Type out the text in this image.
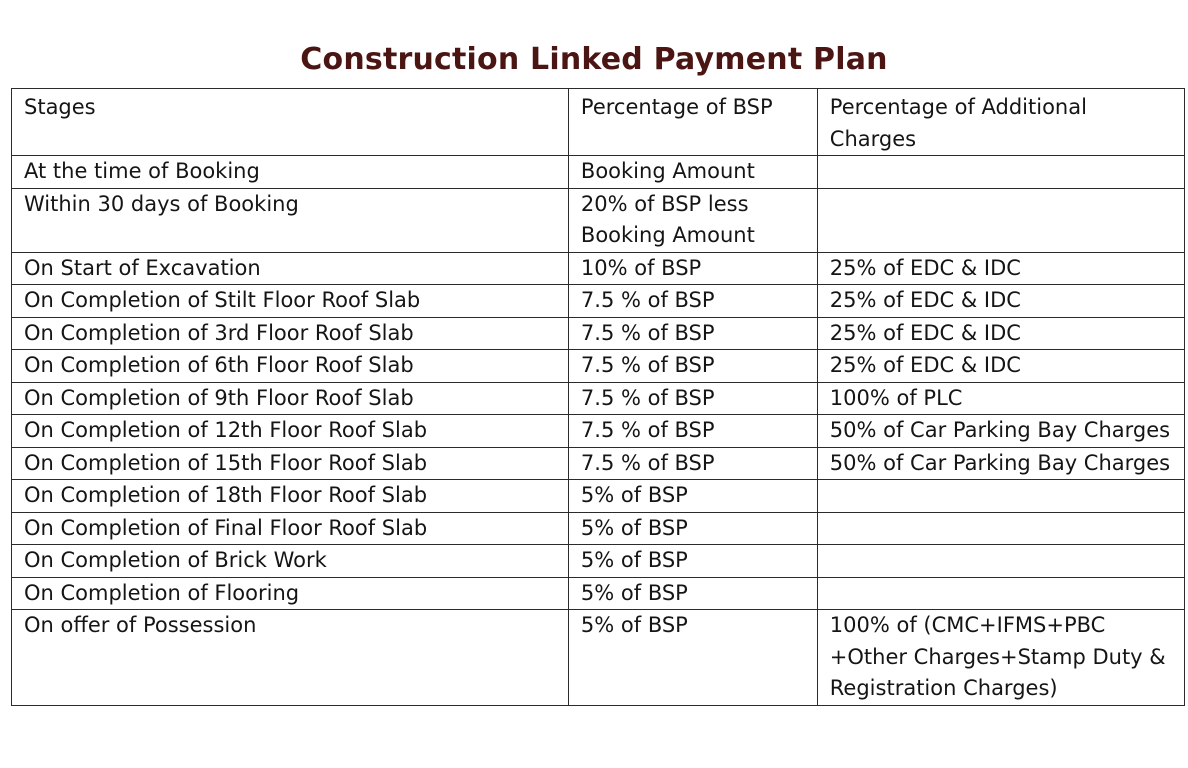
Construction Linked Payment Plan
Stages	Percentage of BSP	Percentage of Additional Charges
At the time of Booking	Booking Amount	
Within 30 days of Booking	20% of BSP less Booking Amount	
On Start of Excavation	10% of BSP	25% of EDC & IDC
On Completion of Stilt Floor Roof Slab	7.5 % of BSP	25% of EDC & IDC
On Completion of 3rd Floor Roof Slab	7.5 % of BSP	25% of EDC & IDC
On Completion of 6th Floor Roof Slab	7.5 % of BSP	25% of EDC & IDC
On Completion of 9th Floor Roof Slab	7.5 % of BSP	100% of PLC
On Completion of 12th Floor Roof Slab	7.5 % of BSP	50% of Car Parking Bay Charges
On Completion of 15th Floor Roof Slab	7.5 % of BSP	50% of Car Parking Bay Charges
On Completion of 18th Floor Roof Slab	5% of BSP	
On Completion of Final Floor Roof Slab	5% of BSP	
On Completion of Brick Work	5% of BSP	
On Completion of Flooring	5% of BSP	
On offer of Possession	5% of BSP	100% of (CMC+IFMS+PBC +Other Charges+Stamp Duty & Registration Charges)
